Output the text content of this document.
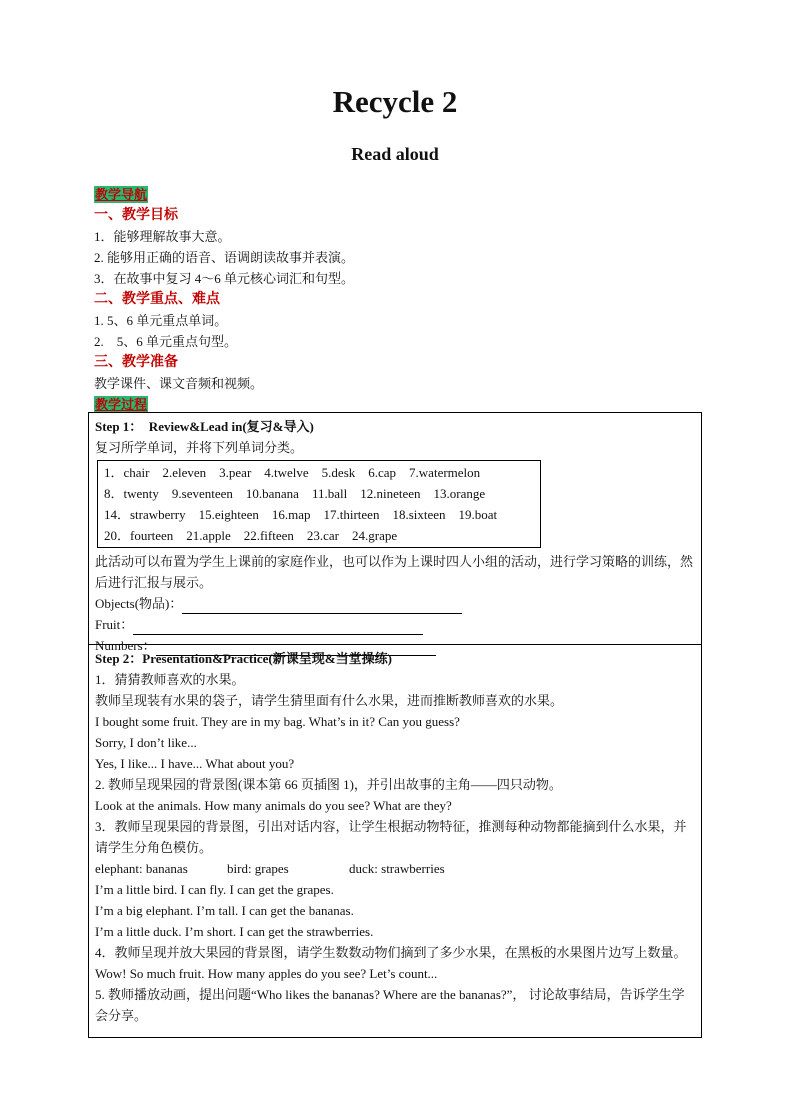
Recycle 2
Read aloud
教学导航
一、教学目标
1．能够理解故事大意。
2. 能够用正确的语音、语调朗读故事并表演。
3．在故事中复习 4～6 单元核心词汇和句型。
二、教学重点、难点
1. 5、6 单元重点单词。
2.　5、6 单元重点句型。
三、教学准备
教学课件、课文音频和视频。
教学过程
Step 1：　Review&Lead in(复习&导入)
复习所学单词，并将下列单词分类。
1．chair　2.eleven　3.pear　4.twelve　5.desk　6.cap　7.watermelon
8．twenty　9.seventeen　10.banana　11.ball　12.nineteen　13.orange
14．strawberry　15.eighteen　16.map　17.thirteen　18.sixteen　19.boat
20．fourteen　21.apple　22.fifteen　23.car　24.grape
此活动可以布置为学生上课前的家庭作业，也可以作为上课时四人小组的活动，进行学习策略的训练，然后进行汇报与展示。
Objects(物品)：
Fruit：
Numbers：
Step 2：Presentation&Practice(新课呈现&当堂操练)
1．猜猜教师喜欢的水果。
教师呈现装有水果的袋子，请学生猜里面有什么水果，进而推断教师喜欢的水果。
I bought some fruit. They are in my bag. What’s in it? Can you guess?
Sorry, I don’t like...
Yes, I like... I have... What about you?
2. 教师呈现果园的背景图(课本第 66 页插图 1)，并引出故事的主角——四只动物。
Look at the animals. How many animals do you see? What are they?
3．教师呈现果园的背景图，引出对话内容，让学生根据动物特征，推测每种动物都能摘到什么水果，并请学生分角色模仿。
elephant: bananas	bird: grapes	duck: strawberries
I’m a little bird. I can fly. I can get the grapes.
I’m a big elephant. I’m tall. I can get the bananas.
I’m a little duck. I’m short. I can get the strawberries.
4．教师呈现并放大果园的背景图，请学生数数动物们摘到了多少水果，在黑板的水果图片边写上数量。
Wow! So much fruit. How many apples do you see? Let’s count...
5. 教师播放动画，提出问题“Who likes the bananas? Where are the bananas?”， 讨论故事结局，告诉学生学会分享。
